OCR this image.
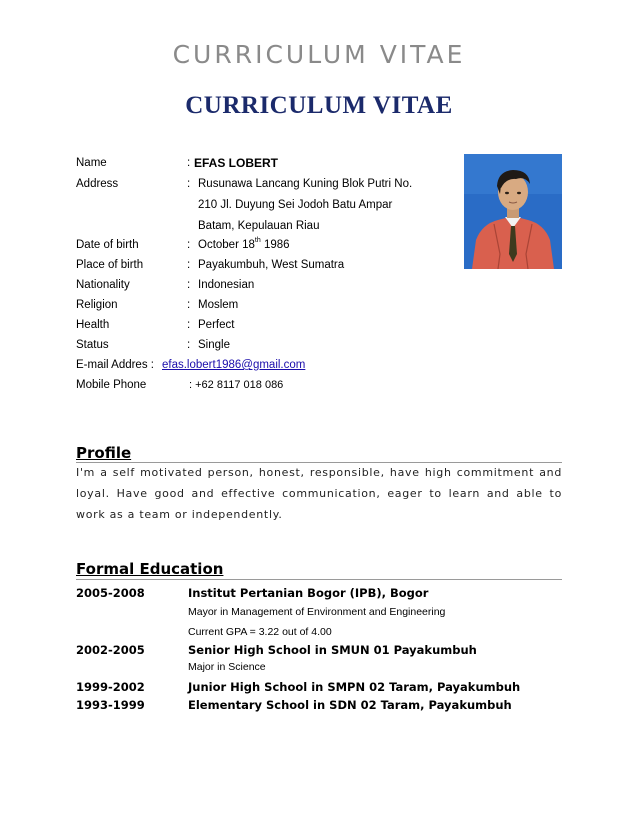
CURRICULUM VITAE
CURRICULUM VITAE
Name	: EFAS LOBERT
Address	: Rusunawa Lancang Kuning Blok Putri No.
210 Jl. Duyung Sei Jodoh Batu Ampar
Batam, Kepulauan Riau
Date of birth	: October 18th 1986
Place of birth	: Payakumbuh, West Sumatra
Nationality	: Indonesian
Religion	: Moslem
Health	: Perfect
Status	: Single
E-mail Addres : efas.lobert1986@gmail.com
Mobile Phone	: +62 8117 018 086
Profile
I'm a self motivated person, honest, responsible, have high commitment and loyal. Have good and effective communication, eager to learn and able to work as a team or independently.
Formal Education
2005-2008	Institut Pertanian Bogor (IPB), Bogor
Mayor in Management of Environment and Engineering
Current GPA = 3.22 out of 4.00
2002-2005	Senior High School in SMUN 01 Payakumbuh
Major in Science
1999-2002	Junior High School in SMPN 02 Taram, Payakumbuh
1993-1999	Elementary School in SDN 02 Taram, Payakumbuh
